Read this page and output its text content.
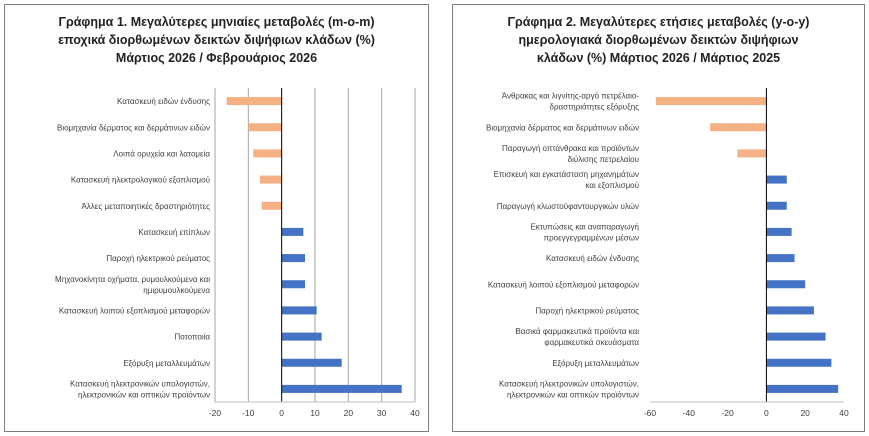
Γράφημα 1. Μεγαλύτερες μηνιαίες μεταβολές (m-o-m)
εποχικά διορθωμένων δεικτών διψήφιων κλάδων (%)
Μάρτιος 2026 / Φεβρουάριος 2026
Κατασκευή ειδών ένδυσης
Βιομηχανία δέρματος και δερμάτινων ειδών
Λοιπά ορυχεία και λατομεία
Κατασκευή ηλεκτρολογικού εξοπλισμού
Άλλες μεταποιητικές δραστηριότητες
Κατασκευή επίπλων
Παροχή ηλεκτρικού ρεύματος
Μηχανοκίνητα οχήματα, ρυμουλκούμενα και ημιρυμουλκούμενα
Κατασκευή λοιπού εξοπλισμού μεταφορών
Ποτοποιία
Εξόρυξη μεταλλευμάτων
Κατασκευή ηλεκτρονικών υπολογιστών, ηλεκτρονικών και οπτικών προϊόντων
-20 -10	0	10	20	30	40
Γράφημα 2. Μεγαλύτερες ετήσιες μεταβολές (y-o-y)
ημερολογιακά διορθωμένων δεικτών διψήφιων
κλάδων (%) Μάρτιος 2026 / Μάρτιος 2025
Άνθρακας και λιγνίτης-αργό πετρέλαιο-δραστηριότητες εξόρυξης
Βιομηχανία δέρματος και δερμάτινων ειδών
Παραγωγή οπτάνθρακα και προϊόντων διύλισης πετρελαίου
Επισκευή και εγκατάσταση μηχανημάτων και εξοπλισμού
Παραγωγή κλωστοϋφαντουργικών υλών
Εκτυπώσεις και αναπαραγωγή προεγγεγραμμένων μέσων
Κατασκευή ειδών ένδυσης
Κατασκευή λοιπού εξοπλισμού μεταφορών
Παροχή ηλεκτρικού ρεύματος
Βασικά φαρμακευτικά προϊόντα και φαρμακευτικά σκευάσματα
Εξόρυξη μεταλλευμάτων
Κατασκευή ηλεκτρονικών υπολογιστών, ηλεκτρονικών και οπτικών προϊόντων
-60	-40	-20	0	20	40
